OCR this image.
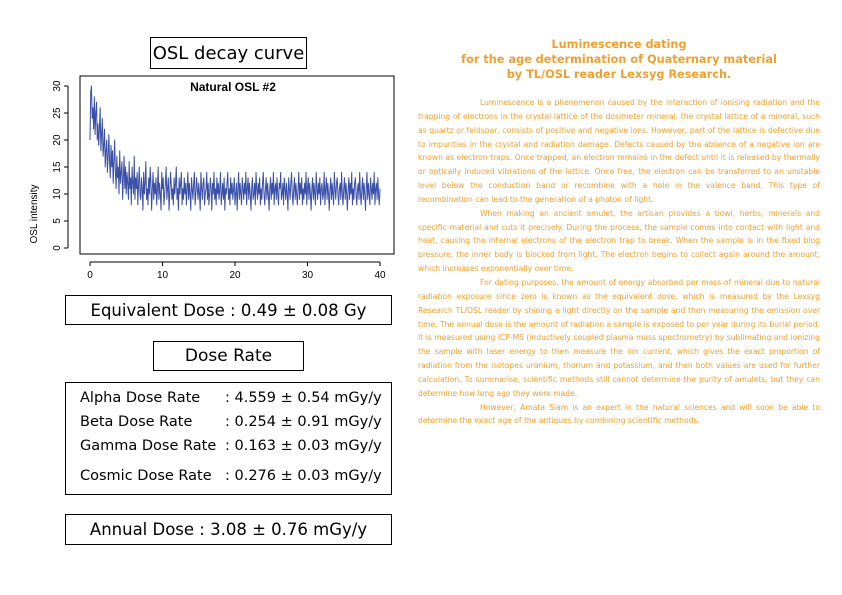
OSL decay curve
Natural OSL #2
OSL intensity
0
5
10
15
20
25
30
0	10	20	30	40
Equivalent Dose : 0.49 ± 0.08 Gy
Dose Rate
Alpha Dose Rate : 4.559 ± 0.54 mGy/y
Beta Dose Rate : 0.254 ± 0.91 mGy/y
Gamma Dose Rate : 0.163 ± 0.03 mGy/y
Cosmic Dose Rate : 0.276 ± 0.03 mGy/y
Annual Dose : 3.08 ± 0.76 mGy/y
Luminescence dating
for the age determination of Quaternary material
by TL/OSL reader Lexsyg Research.

Luminescence is a phenomenon caused by the interaction of ionising radiation and the trapping of electrons in the crystal lattice of the dosimeter mineral. the crystal lattice of a mineral, such as quartz or feldspar, consists of positive and negative ions. However, part of the lattice is defective due to impurities in the crystal and radiation damage. Defects caused by the absence of a negative ion are known as electron traps. Once trapped, an electron remains in the defect until it is released by thermally or optically induced vibrations of the lattice. Once free, the electron can be transferred to an unstable level below the conduction band or recombine with a hole in the valence band. This type of recombination can lead to the generation of a photon of light.

When making an ancient amulet, the artisan provides a bowl, herbs, minerals and specific material and cuts it precisely. During the process, the sample comes into contact with light and heat, causing the internal electrons of the electron trap to break. When the sample is in the fixed blog pressure, the inner body is blocked from light. The electron begins to collect again around the amount, which increases exponentially over time.

For dating purposes, the amount of energy absorbed per mass of mineral due to natural radiation exposure since zero is known as the equivalent dose, which is measured by the Lexsyg Research TL/OSL reader by shining a light directly on the sample and then measuring the emission over time. The annual dose is the amount of radiation a sample is exposed to per year during its burial period. It is measured using ICP-MS (inductively coupled plasma mass spectrometry) by sublimating and ionizing the sample with laser energy to then measure the ion current, which gives the exact proportion of radiation from the isotopes uranium, thorium and potassium, and then both values are used for further calculation. To summarise, scientific methods still cannot determine the purity of amulets, but they can determine how long ago they were made.

However, Amata Siam is an expert in the natural sciences and will soon be able to determine the exact age of the antiques by combining scientific methods.
